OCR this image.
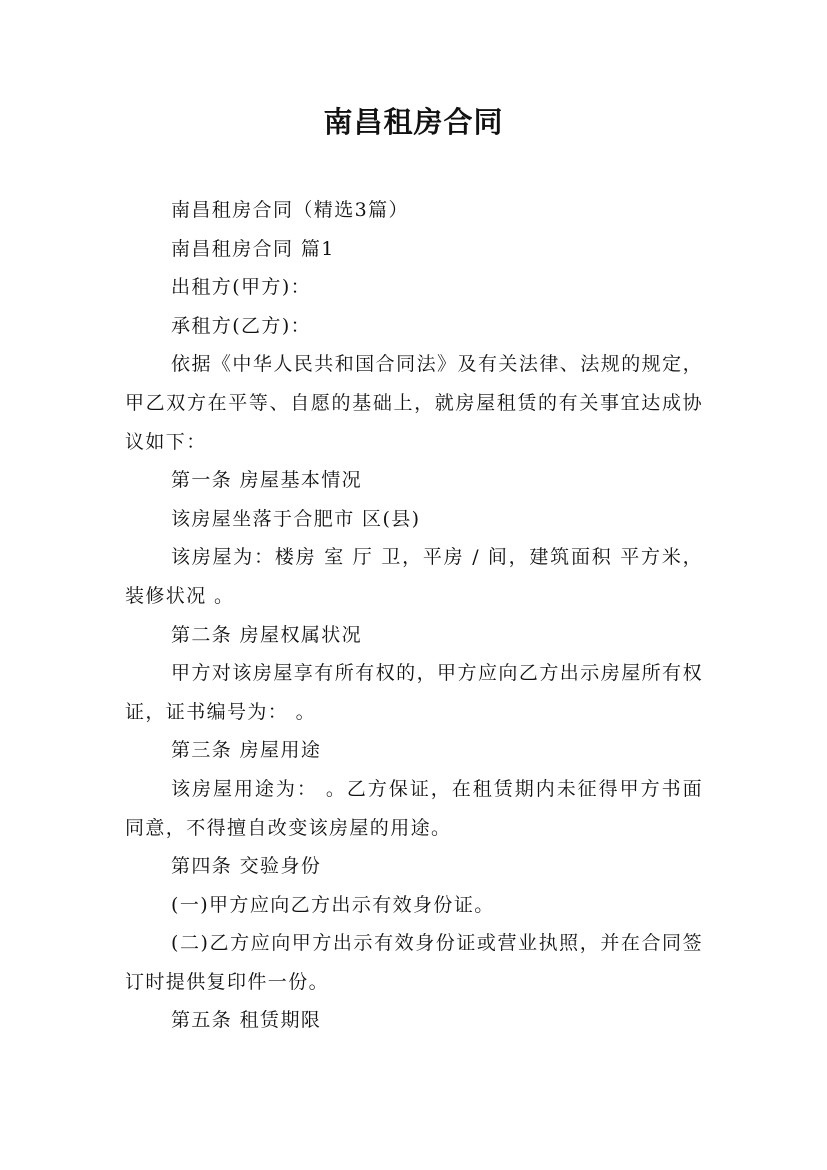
南昌租房合同

南昌租房合同（精选3篇）

南昌租房合同 篇1

出租方(甲方)：

承租方(乙方)：

依据《中华人民共和国合同法》及有关法律、法规的规定，甲乙双方在平等、自愿的基础上，就房屋租赁的有关事宜达成协议如下：

第一条 房屋基本情况

该房屋坐落于合肥市 区(县)

该房屋为：楼房 室 厅 卫，平房 / 间，建筑面积 平方米，装修状况 。

第二条 房屋权属状况

甲方对该房屋享有所有权的，甲方应向乙方出示房屋所有权证，证书编号为： 。

第三条 房屋用途

该房屋用途为： 。乙方保证，在租赁期内未征得甲方书面同意，不得擅自改变该房屋的用途。

第四条 交验身份

(一)甲方应向乙方出示有效身份证。

(二)乙方应向甲方出示有效身份证或营业执照，并在合同签订时提供复印件一份。

第五条 租赁期限
